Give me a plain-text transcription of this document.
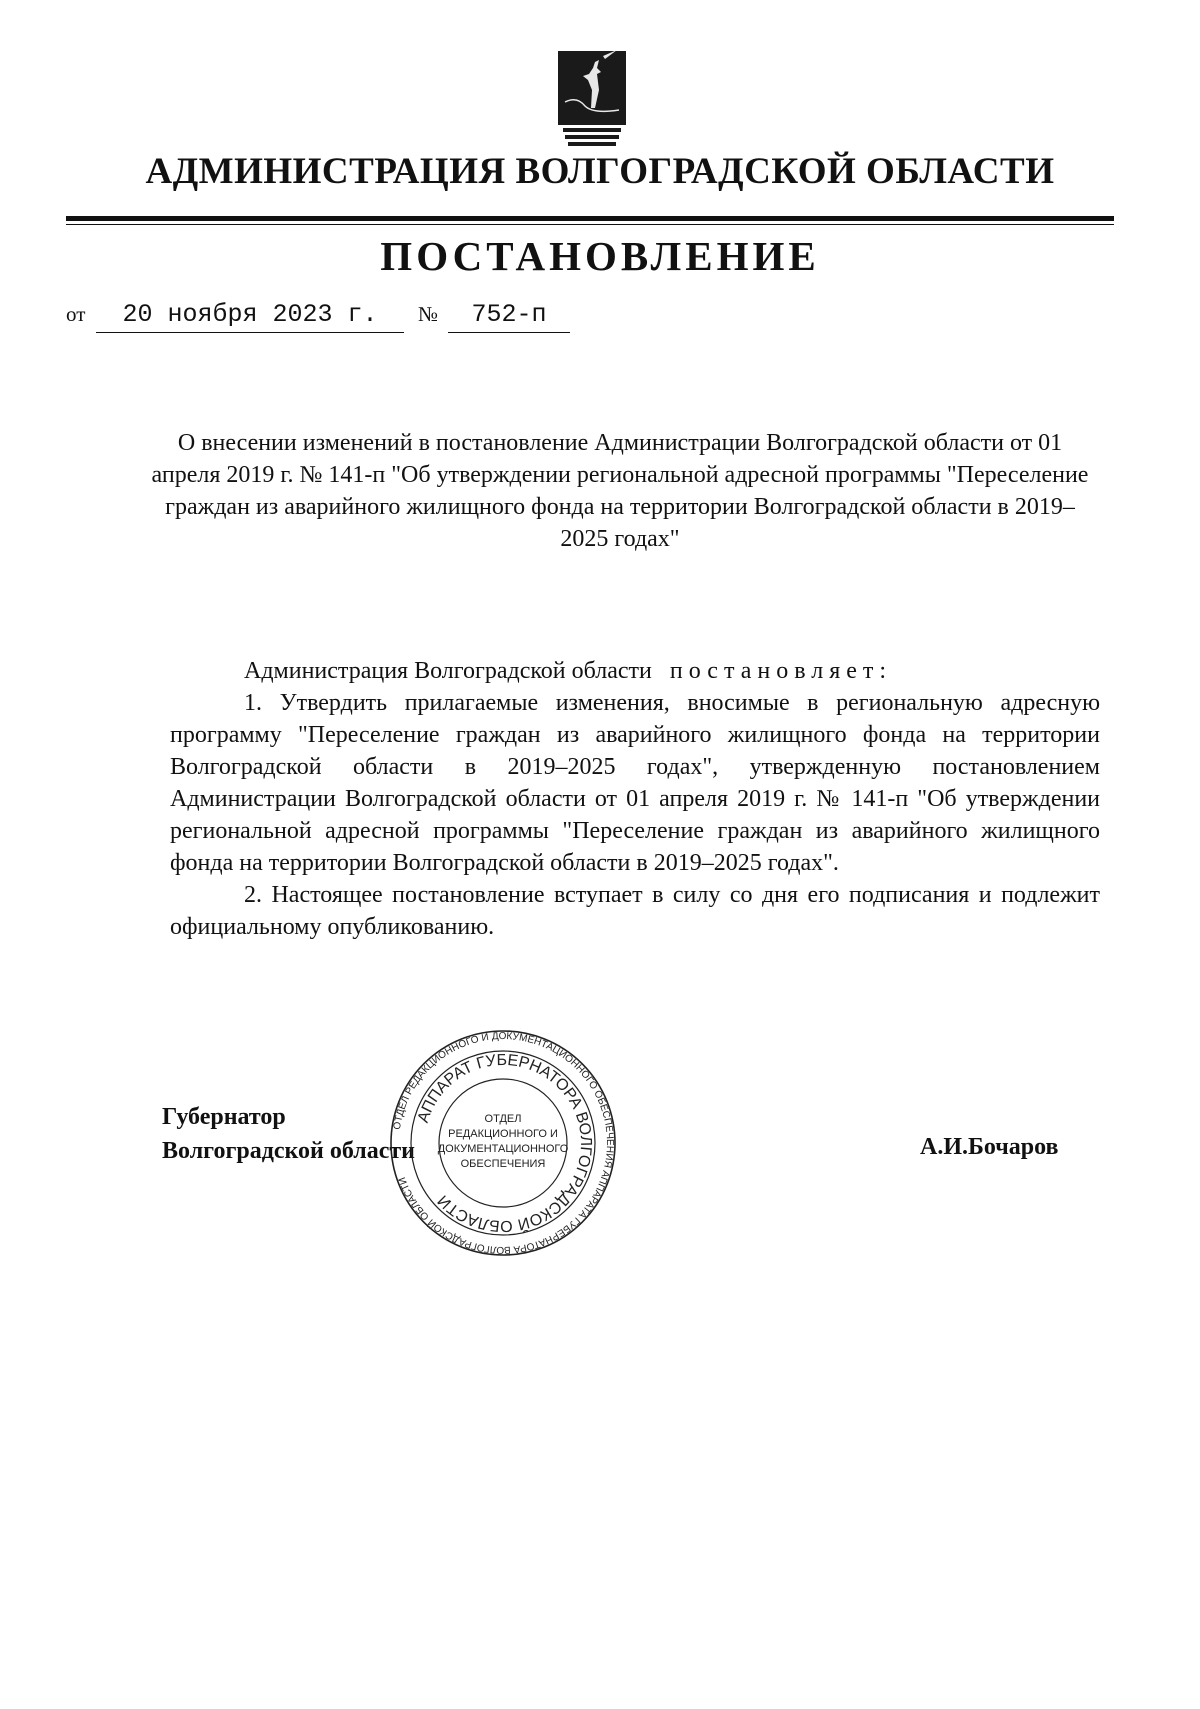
АДМИНИСТРАЦИЯ ВОЛГОГРАДСКОЙ ОБЛАСТИ
ПОСТАНОВЛЕНИЕ
от	20 ноября 2023 г.	№	752-п
О внесении изменений в постановление Администрации Волгоградской области от 01 апреля 2019 г. № 141-п "Об утверждении региональной адресной программы "Переселение граждан из аварийного жилищного фонда на территории Волгоградской области в 2019–2025 годах"

Администрация Волгоградской области постановляет:

1. Утвердить прилагаемые изменения, вносимые в региональную адресную программу "Переселение граждан из аварийного жилищного фонда на территории Волгоградской области в 2019–2025 годах", утвержденную постановлением Администрации Волгоградской области от 01 апреля 2019 г. № 141-п "Об утверждении региональной адресной программы "Переселение граждан из аварийного жилищного фонда на территории Волгоградской области в 2019–2025 годах".

2. Настоящее постановление вступает в силу со дня его подписания и подлежит официальному опубликованию.

Губернатор
Волгоградской области	А.И.Бочаров
ОТДЕЛ РЕДАКЦИОННОГО И ДОКУМЕНТАЦИОННОГО ОБЕСПЕЧЕНИЯ АППАРАТА ГУБЕРНАТОРА ВОЛГОГРАДСКОЙ ОБЛАСТИ
АППАРАТ ГУБЕРНАТОРА ВОЛГОГРАДСКОЙ ОБЛАСТИ
ОТДЕЛ
РЕДАКЦИОННОГО И
ДОКУМЕНТАЦИОННОГО
ОБЕСПЕЧЕНИЯ
